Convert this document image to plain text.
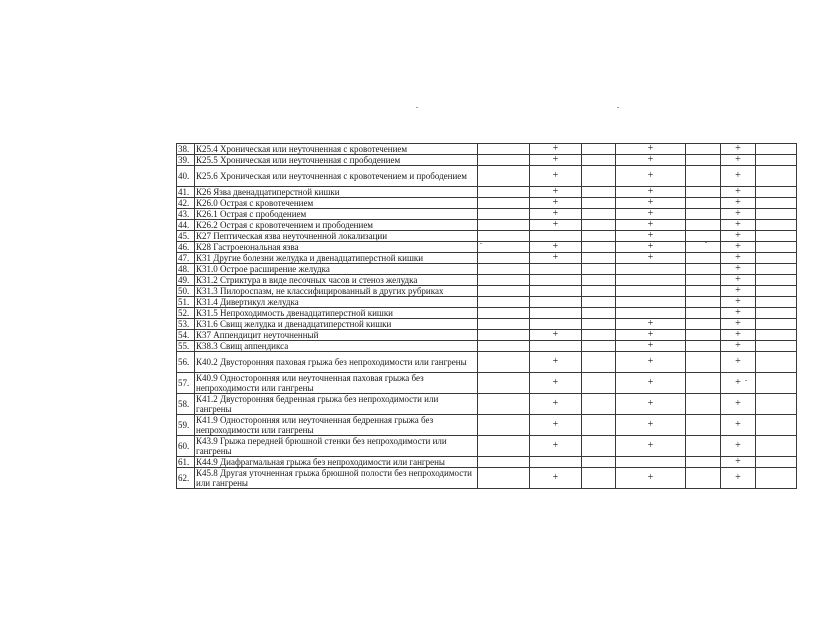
38.	К25.4 Хроническая или неуточненная с кровотечением		+		+		+	
39.	К25.5 Хроническая или неуточненная с прободением		+		+		+	
40.	К25.6 Хроническая или неуточненная с кровотечением и прободением		+		+		+	
41.	К26 Язва двенадцатиперстной кишки		+		+		+	
42.	К26.0 Острая с кровотечением		+		+		+	
43.	К26.1 Острая с прободением		+		+		+	
44.	К26.2 Острая с кровотечением и прободением		+		+		+	
45.	К27 Пептическая язва неуточненной локализации				+		+	
46.	К28 Гастроеюнальная язва		+		+		+	
47.	К31 Другие болезни желудка и двенадцатиперстной кишки		+		+		+	
48.	К31.0 Острое расширение желудка						+	
49.	К31.2 Стриктура в виде песочных часов и стеноз желудка						+	
50.	К31.3 Пилороспазм, не классифицированный в других рубриках						+	
51.	К31.4 Дивертикул желудка						+	
52.	К31.5 Непроходимость двенадцатиперстной кишки						+	
53.	К31.6 Свищ желудка и двенадцатиперстной кишки				+		+	
54.	К37 Аппендицит неуточненный		+		+		+	
55.	К38.3 Свищ аппендикса				+		+	
56.	К40.2 Двусторонняя паховая грыжа без непроходимости или гангрены		+		+		+	
57.	К40.9 Односторонняя или неуточненная паховая грыжа без непроходимости или гангрены		+		+		+	
58.	К41.2 Двусторонняя бедренная грыжа без непроходимости или гангрены		+		+		+	
59.	К41.9 Односторонняя или неуточненная бедренная грыжа без непроходимости или гангрены		+		+		+	
60.	К43.9 Грыжа передней брюшной стенки без непроходимости или гангрены		+		+		+	
61.	К44.9 Диафрагмальная грыжа без непроходимости или гангрены						+	
62.	К45.8 Другая уточненная грыжа брюшной полости без непроходимости или гангрены		+		+		+	
